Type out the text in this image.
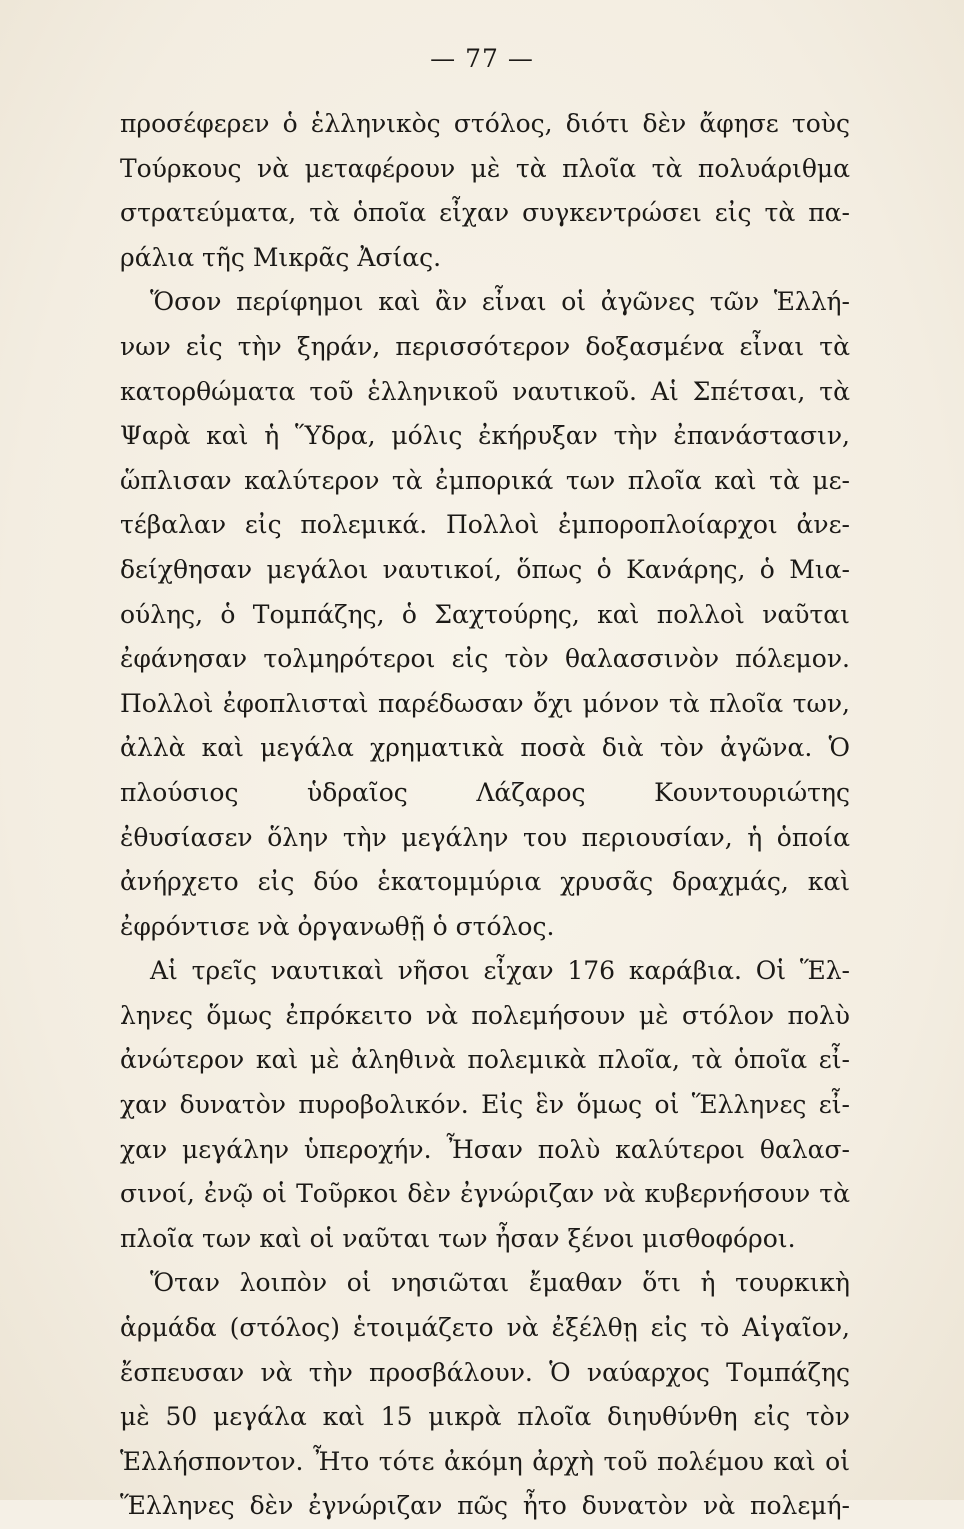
— 77 —
προσέφερεν ὁ ἑλληνικὸς στόλος, διότι δὲν ἄφησε τοὺς
Τούρκους νὰ μεταφέρουν μὲ τὰ πλοῖα τὰ πολυάριθμα
στρατεύματα, τὰ ὁποῖα εἶχαν συγκεντρώσει εἰς τὰ πα-
ράλια τῆς Μικρᾶς Ἀσίας.
Ὅσον περίφημοι καὶ ἂν εἶναι οἱ ἀγῶνες τῶν Ἑλλή-
νων εἰς τὴν ξηράν, περισσότερον δοξασμένα εἶναι τὰ
κατορθώματα τοῦ ἑλληνικοῦ ναυτικοῦ. Αἱ Σπέτσαι, τὰ
Ψαρὰ καὶ ἡ Ὕδρα, μόλις ἐκήρυξαν τὴν ἐπανάστασιν,
ὥπλισαν καλύτερον τὰ ἐμπορικά των πλοῖα καὶ τὰ με-
τέβαλαν εἰς πολεμικά. Πολλοὶ ἐμποροπλοίαρχοι ἀνε-
δείχθησαν μεγάλοι ναυτικοί, ὅπως ὁ Κανάρης, ὁ Μια-
ούλης, ὁ Τομπάζης, ὁ Σαχτούρης, καὶ πολλοὶ ναῦται
ἐφάνησαν τολμηρότεροι εἰς τὸν θαλασσινὸν πόλεμον.
Πολλοὶ ἐφοπλισταὶ παρέδωσαν ὄχι μόνον τὰ πλοῖα των,
ἀλλὰ καὶ μεγάλα χρηματικὰ ποσὰ διὰ τὸν ἀγῶνα. Ὁ
πλούσιος ὑδραῖος Λάζαρος Κουντουριώτης
ἐθυσίασεν ὅλην τὴν μεγάλην του περιουσίαν, ἡ ὁποία
ἀνήρχετο εἰς δύο ἑκατομμύρια χρυσᾶς δραχμάς, καὶ
ἐφρόντισε νὰ ὀργανωθῇ ὁ στόλος.
Αἱ τρεῖς ναυτικαὶ νῆσοι εἶχαν 176 καράβια. Οἱ Ἕλ-
ληνες ὅμως ἐπρόκειτο νὰ πολεμήσουν μὲ στόλον πολὺ
ἀνώτερον καὶ μὲ ἀληθινὰ πολεμικὰ πλοῖα, τὰ ὁποῖα εἶ-
χαν δυνατὸν πυροβολικόν. Εἰς ἓν ὅμως οἱ Ἕλληνες εἶ-
χαν μεγάλην ὑπεροχήν. Ἦσαν πολὺ καλύτεροι θαλασ-
σινοί, ἐνῷ οἱ Τοῦρκοι δὲν ἐγνώριζαν νὰ κυβερνήσουν τὰ
πλοῖα των καὶ οἱ ναῦται των ἦσαν ξένοι μισθοφόροι.
Ὅταν λοιπὸν οἱ νησιῶται ἔμαθαν ὅτι ἡ τουρκικὴ
ἁρμάδα (στόλος) ἑτοιμάζετο νὰ ἐξέλθῃ εἰς τὸ Αἰγαῖον,
ἔσπευσαν νὰ τὴν προσβάλουν. Ὁ ναύαρχος Τομπάζης
μὲ 50 μεγάλα καὶ 15 μικρὰ πλοῖα διηυθύνθη εἰς τὸν
Ἑλλήσποντον. Ἦτο τότε ἀκόμη ἀρχὴ τοῦ πολέμου καὶ οἱ
Ἕλληνες δὲν ἐγνώριζαν πῶς ἦτο δυνατὸν νὰ πολεμή-
